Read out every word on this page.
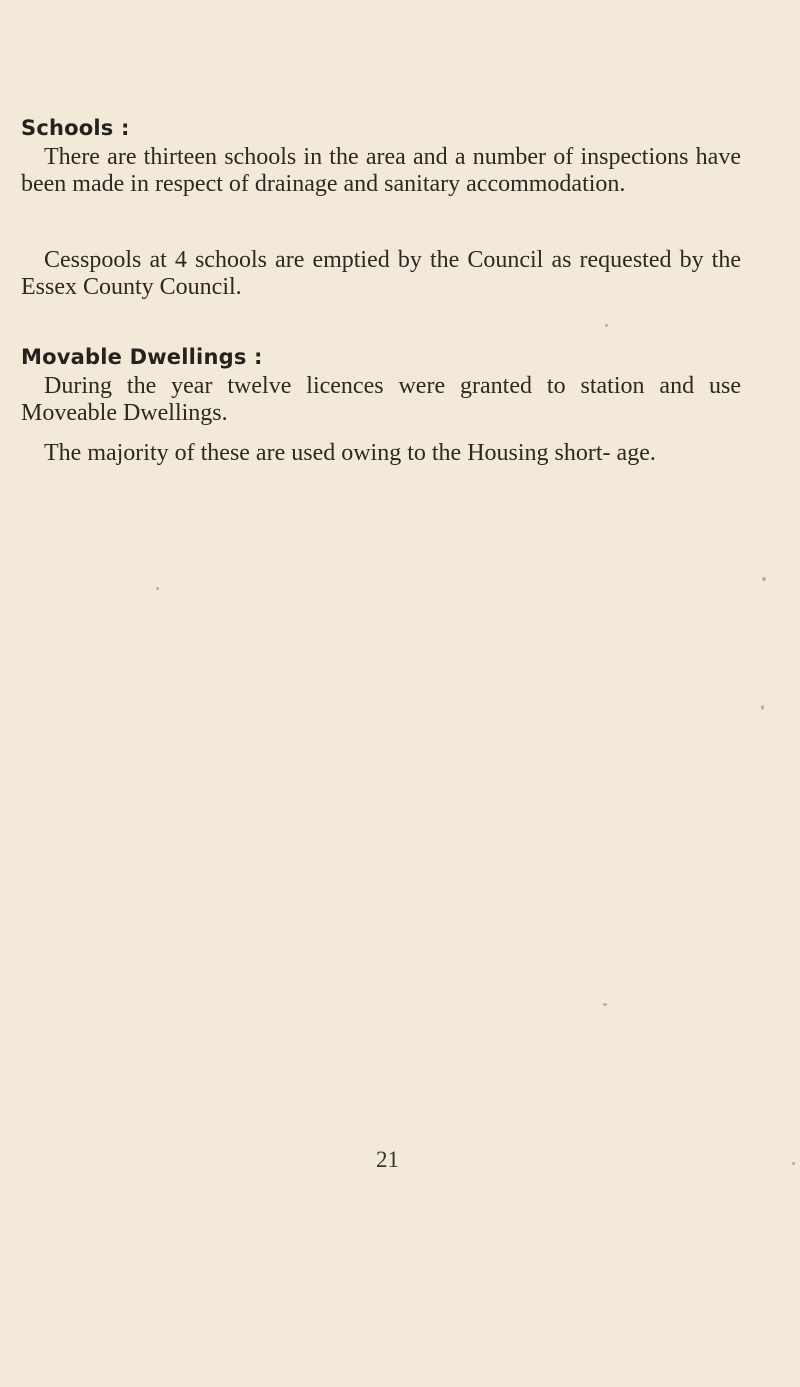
Schools :
There are thirteen schools in the area and a number of inspections have been made in respect of drainage and sanitary accommodation.
Cesspools at 4 schools are emptied by the Council as requested by the Essex County Council.
Movable Dwellings :
During the year twelve licences were granted to station and use Moveable Dwellings.
The majority of these are used owing to the Housing short- age.
21
